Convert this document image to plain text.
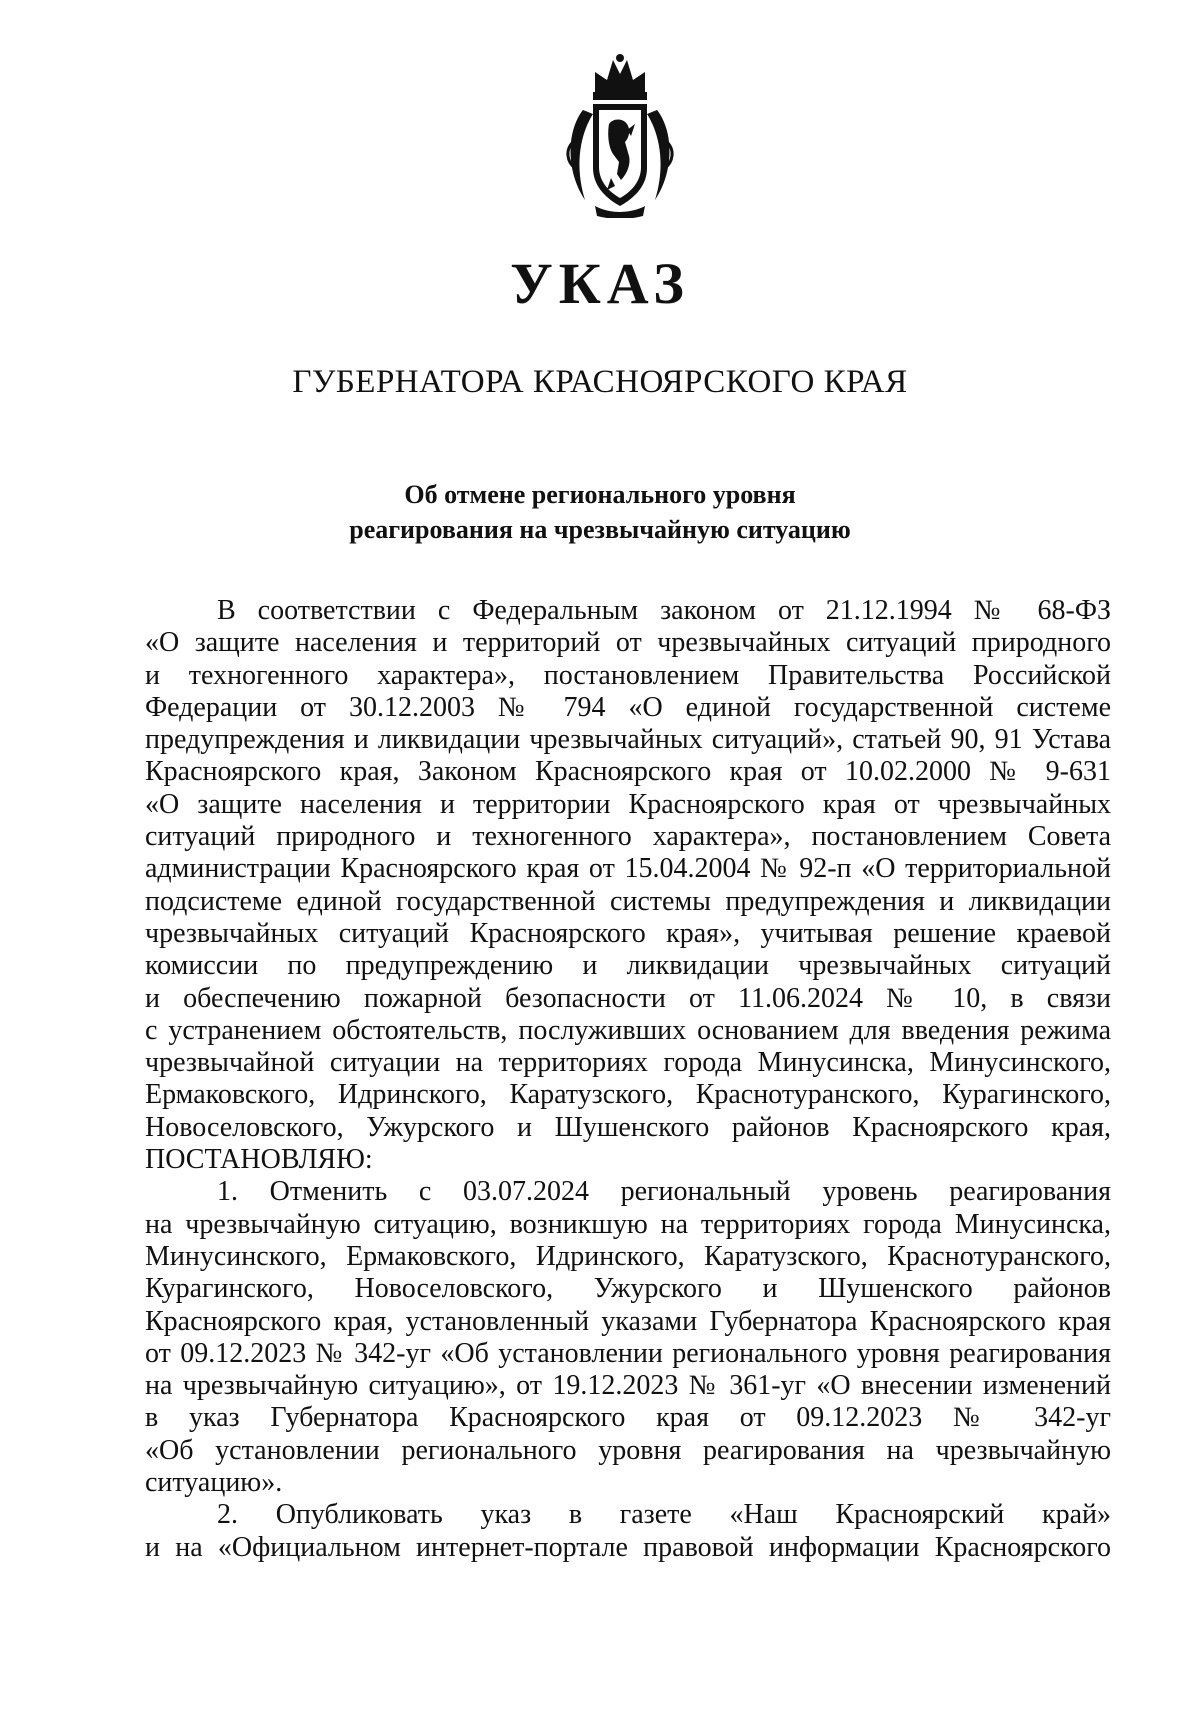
УКАЗ
ГУБЕРНАТОРА КРАСНОЯРСКОГО КРАЯ
Об отмене регионального уровня
реагирования на чрезвычайную ситуацию
В соответствии с Федеральным законом от 21.12.1994 № 68-ФЗ
«О защите населения и территорий от чрезвычайных ситуаций природного
и техногенного характера», постановлением Правительства Российской
Федерации от 30.12.2003 № 794 «О единой государственной системе
предупреждения и ликвидации чрезвычайных ситуаций», статьей 90, 91 Устава
Красноярского края, Законом Красноярского края от 10.02.2000 № 9-631
«О защите населения и территории Красноярского края от чрезвычайных
ситуаций природного и техногенного характера», постановлением Совета
администрации Красноярского края от 15.04.2004 № 92-п «О территориальной
подсистеме единой государственной системы предупреждения и ликвидации
чрезвычайных ситуаций Красноярского края», учитывая решение краевой
комиссии по предупреждению и ликвидации чрезвычайных ситуаций
и обеспечению пожарной безопасности от 11.06.2024 № 10, в связи
с устранением обстоятельств, послуживших основанием для введения режима
чрезвычайной ситуации на территориях города Минусинска, Минусинского,
Ермаковского, Идринского, Каратузского, Краснотуранского, Курагинского,
Новоселовского, Ужурского и Шушенского районов Красноярского края,
ПОСТАНОВЛЯЮ:
1. Отменить с 03.07.2024 региональный уровень реагирования
на чрезвычайную ситуацию, возникшую на территориях города Минусинска,
Минусинского, Ермаковского, Идринского, Каратузского, Краснотуранского,
Курагинского, Новоселовского, Ужурского и Шушенского районов
Красноярского края, установленный указами Губернатора Красноярского края
от 09.12.2023 № 342-уг «Об установлении регионального уровня реагирования
на чрезвычайную ситуацию», от 19.12.2023 № 361-уг «О внесении изменений
в указ Губернатора Красноярского края от 09.12.2023 № 342-уг
«Об установлении регионального уровня реагирования на чрезвычайную
ситуацию».
2. Опубликовать указ в газете «Наш Красноярский край»
и на «Официальном интернет-портале правовой информации Красноярского
